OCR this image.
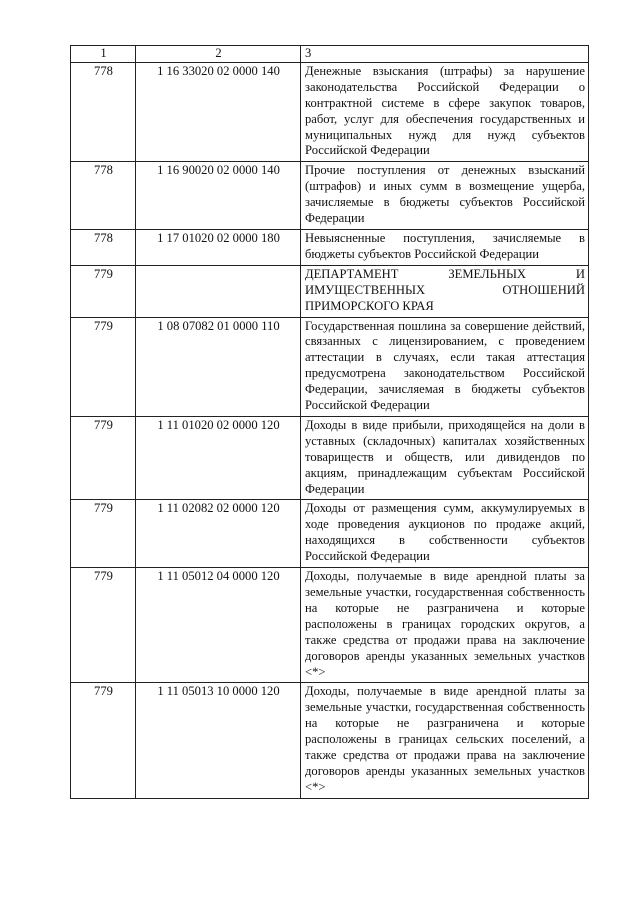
1	2	3
778	1 16 33020 02 0000 140	Денежные взыскания (штрафы) за нарушение законодательства Российской Федерации о контрактной системе в сфере закупок товаров, работ, услуг для обеспечения государственных и муниципальных нужд для нужд субъектов Российской Федерации
778	1 16 90020 02 0000 140	Прочие поступления от денежных взысканий (штрафов) и иных сумм в возмещение ущерба, зачисляемые в бюджеты субъектов Российской Федерации
778	1 17 01020 02 0000 180	Невыясненные поступления, зачисляемые в бюджеты субъектов Российской Федерации
779		ДЕПАРТАМЕНТ ЗЕМЕЛЬНЫХ И ИМУЩЕСТВЕННЫХ ОТНОШЕНИЙ ПРИМОРСКОГО КРАЯ
779	1 08 07082 01 0000 110	Государственная пошлина за совершение действий, связанных с лицензированием, с проведением аттестации в случаях, если такая аттестация предусмотрена законодательством Российской Федерации, зачисляемая в бюджеты субъектов Российской Федерации
779	1 11 01020 02 0000 120	Доходы в виде прибыли, приходящейся на доли в уставных (складочных) капиталах хозяйственных товариществ и обществ, или дивидендов по акциям, принадлежащим субъектам Российской Федерации
779	1 11 02082 02 0000 120	Доходы от размещения сумм, аккумулируемых в ходе проведения аукционов по продаже акций, находящихся в собственности субъектов Российской Федерации
779	1 11 05012 04 0000 120	Доходы, получаемые в виде арендной платы за земельные участки, государственная собственность на которые не разграничена и которые расположены в границах городских округов, а также средства от продажи права на заключение договоров аренды указанных земельных участков <*>
779	1 11 05013 10 0000 120	Доходы, получаемые в виде арендной платы за земельные участки, государственная собственность на которые не разграничена и которые расположены в границах сельских поселений, а также средства от продажи права на заключение договоров аренды указанных земельных участков <*>
